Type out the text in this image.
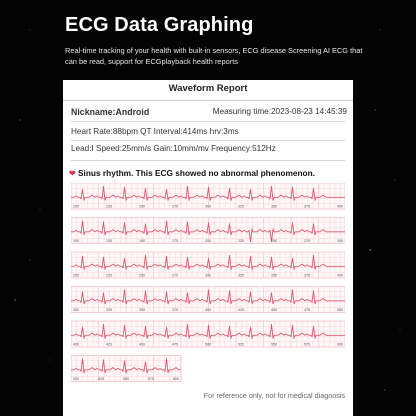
ECG Data Graphing
Real-time tracking of your health with built-in sensors, ECG disease Screening AI ECG that can be read, support for ECGplayback health reports
Waveform Report
Nickname:Android	Measuring time:2023-08-23 14:45:39
Heart Rate:88bpm QT Interval:414ms hrv:3ms
Lead:I Speed:25mm/s Gain:10mm/mv Frequency:512Hz
❤ Sinus rhythm. This ECG showed no abnormal phenomenon.
200	225	250	275	300	325	350	375	400
100	125	150	175	200	225	250	275	300
200	225	250	275	300	325	350	375	400
300	325	350	375	400	425	450	475	500
400	425	450	475	500	525	550	575	600
500	525	550	575	600
For reference only, not for medical diagnosis
